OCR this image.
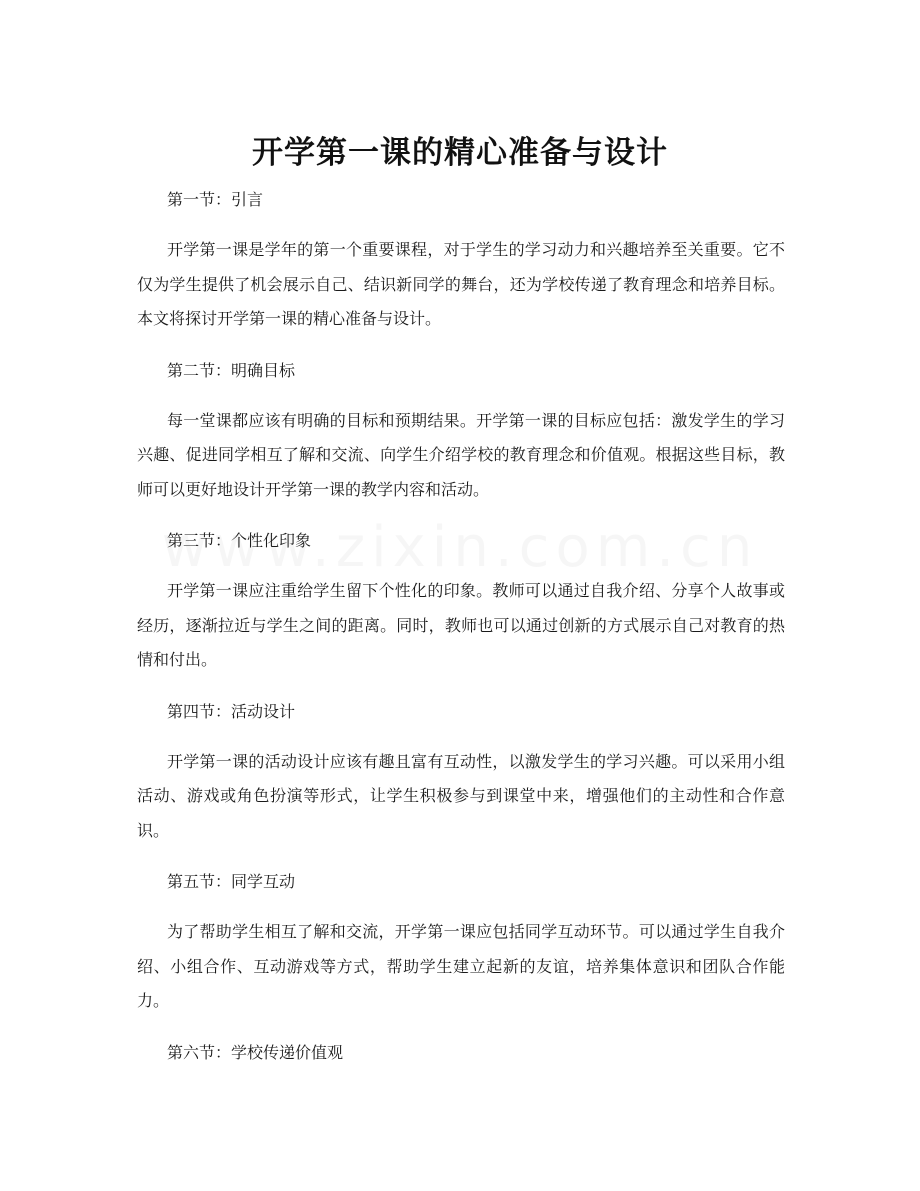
开学第一课的精心准备与设计

第一节：引言

开学第一课是学年的第一个重要课程，对于学生的学习动力和兴趣培养至关重要。它不仅为学生提供了机会展示自己、结识新同学的舞台，还为学校传递了教育理念和培养目标。本文将探讨开学第一课的精心准备与设计。

第二节：明确目标

每一堂课都应该有明确的目标和预期结果。开学第一课的目标应包括：激发学生的学习兴趣、促进同学相互了解和交流、向学生介绍学校的教育理念和价值观。根据这些目标，教师可以更好地设计开学第一课的教学内容和活动。

第三节：个性化印象

开学第一课应注重给学生留下个性化的印象。教师可以通过自我介绍、分享个人故事或经历，逐渐拉近与学生之间的距离。同时，教师也可以通过创新的方式展示自己对教育的热情和付出。

第四节：活动设计

开学第一课的活动设计应该有趣且富有互动性，以激发学生的学习兴趣。可以采用小组活动、游戏或角色扮演等形式，让学生积极参与到课堂中来，增强他们的主动性和合作意识。

第五节：同学互动

为了帮助学生相互了解和交流，开学第一课应包括同学互动环节。可以通过学生自我介绍、小组合作、互动游戏等方式，帮助学生建立起新的友谊，培养集体意识和团队合作能力。

第六节：学校传递价值观
